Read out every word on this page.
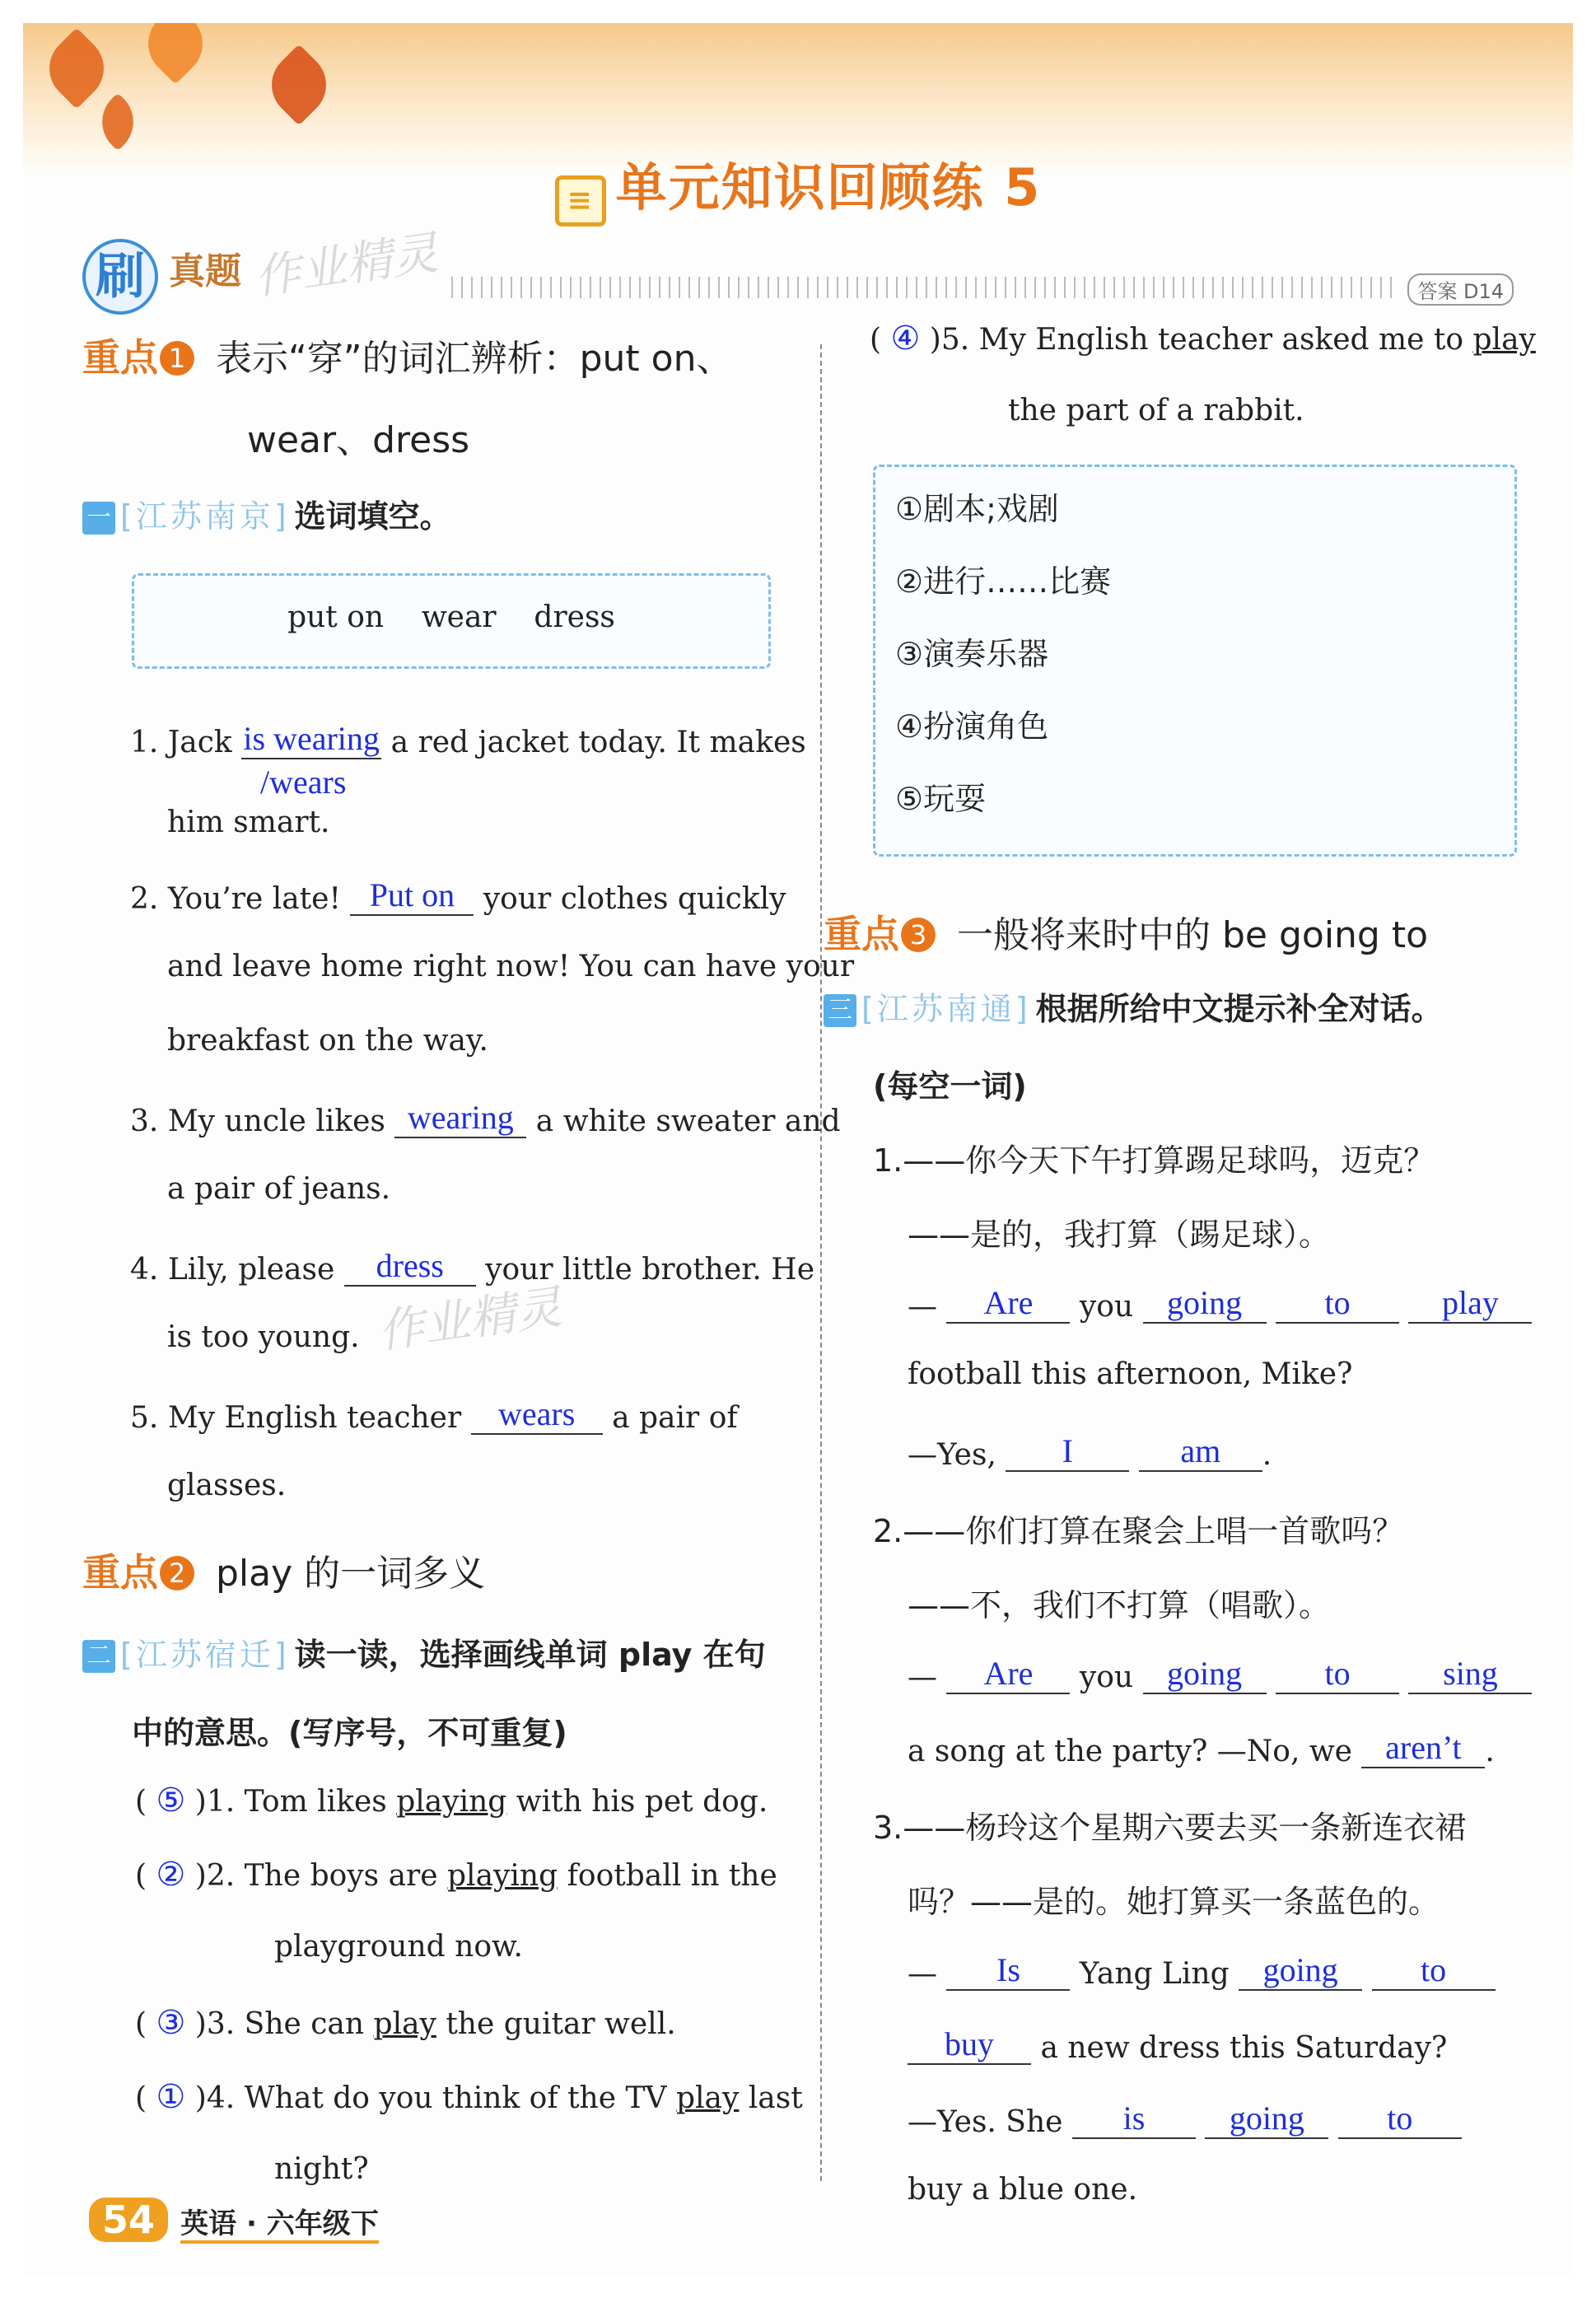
≡ 单元知识回顾练 5
刷 真题 作业精灵	答案 D14
重点 1 表示“穿”的词汇辨析：put on、
wear、dress
一 [江苏南京] 选词填空。
put on    wear    dress
1. Jack is wearing a red jacket today. It makes
/wears
him smart.
2. You’re late! Put on your clothes quickly
and leave home right now! You can have your
breakfast on the way.
3. My uncle likes wearing a white sweater and
a pair of jeans.
4. Lily, please dress your little brother. He
is too young. 作业精灵
5. My English teacher wears a pair of
glasses.
重点 2 play 的一词多义
二 [江苏宿迁] 读一读，选择画线单词 play 在句
中的意思。(写序号，不可重复)
( ⑤ )1. Tom likes playing with his pet dog.
( ② )2. The boys are playing football in the
playground now.
( ③ )3. She can play the guitar well.
( ① )4. What do you think of the TV play last
night?
( ④ )5. My English teacher asked me to play
the part of a rabbit.
①剧本;戏剧
②进行……比赛
③演奏乐器
④扮演角色
⑤玩耍
重点 3 一般将来时中的 be going to
三 [江苏南通] 根据所给中文提示补全对话。
(每空一词)
1.——你今天下午打算踢足球吗，迈克？
——是的，我打算（踢足球）。
— Are you going	to	play
football this afternoon, Mike?
—Yes, I	am .
2.——你们打算在聚会上唱一首歌吗？
——不，我们不打算（唱歌）。
— Are you going	to	sing
a song at the party? —No, we aren’t .
3.——杨玲这个星期六要去买一条新连衣裙
吗？——是的。她打算买一条蓝色的。
— Is Yang Ling going	to
buy a new dress this Saturday?
—Yes. She is	going	to
buy a blue one.
54 英语 · 六年级下
